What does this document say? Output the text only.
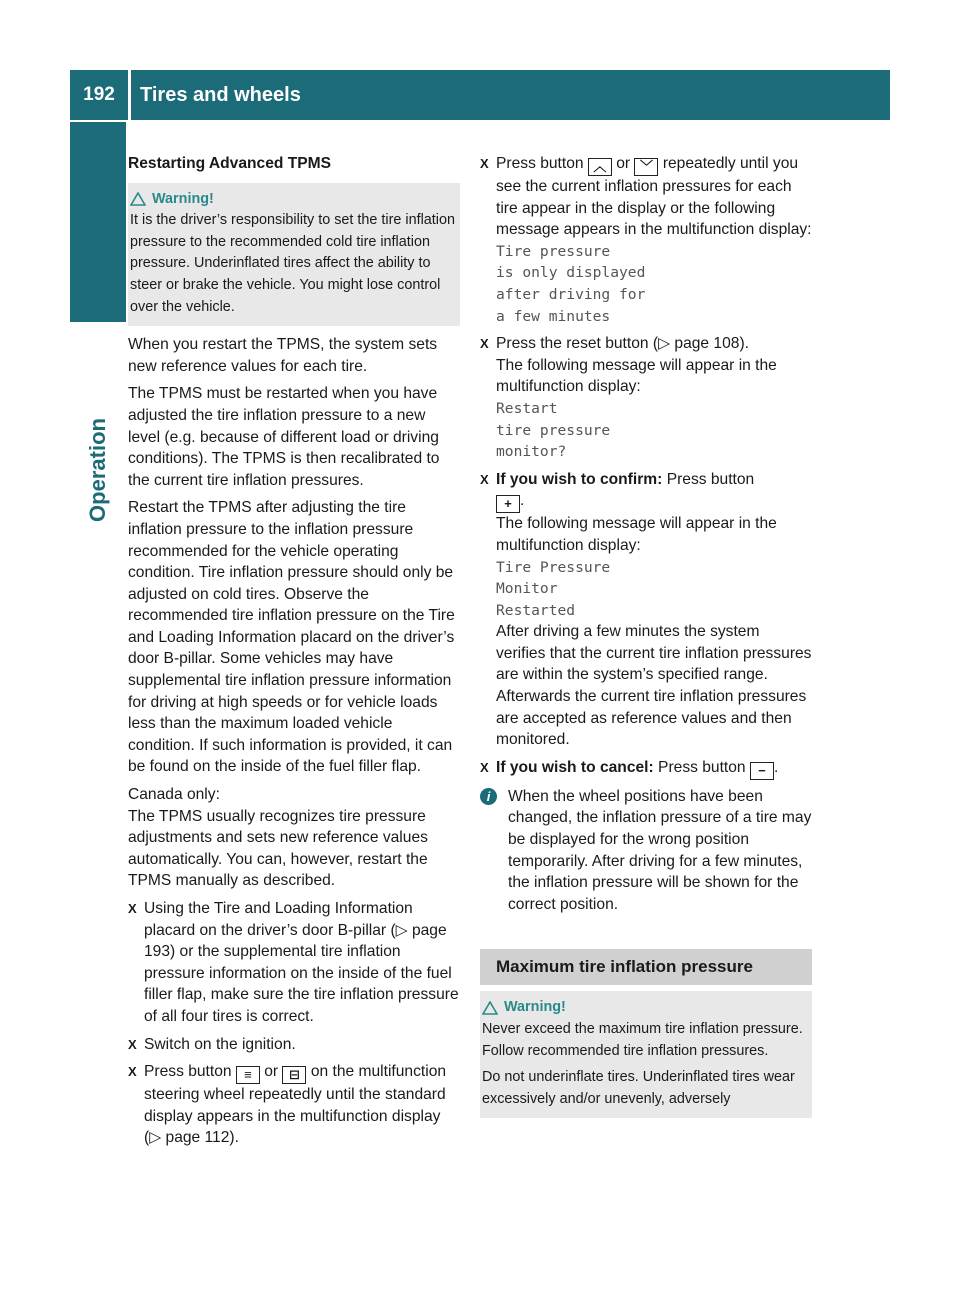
192	Tires and wheels
Operation

Restarting Advanced TPMS

Warning!

It is the driver’s responsibility to set the tire inflation pressure to the recommended cold tire inflation pressure. Underinflated tires affect the ability to steer or brake the vehicle. You might lose control over the vehicle.

When you restart the TPMS, the system sets new reference values for each tire.

The TPMS must be restarted when you have adjusted the tire inflation pressure to a new level (e.g. because of different load or driving conditions). The TPMS is then recalibrated to the current tire inflation pressures.

Restart the TPMS after adjusting the tire inflation pressure to the inflation pressure recommended for the vehicle operating condition. Tire inflation pressure should only be adjusted on cold tires. Observe the recommended tire inflation pressure on the Tire and Loading Information placard on the driver’s door B-pillar. Some vehicles may have supplemental tire inflation pressure information for driving at high speeds or for vehicle loads less than the maximum loaded vehicle condition. If such information is provided, it can be found on the inside of the fuel filler flap.

Canada only:

The TPMS usually recognizes tire pressure adjustments and sets new reference values automatically. You can, however, restart the TPMS manually as described.

X Using the Tire and Loading Information placard on the driver’s door B-pillar (▷ page 193) or the supplemental tire inflation pressure information on the inside of the fuel filler flap, make sure the tire inflation pressure of all four tires is correct.
X Switch on the ignition.
X Press button ≡ or ⊟ on the multifunction steering wheel repeatedly until the standard display appears in the multifunction display (▷ page 112).
X Press button ︿ or ﹀ repeatedly until you see the current inflation pressures for each tire appear in the display or the following message appears in the multifunction display:
Tire pressure
is only displayed
after driving for
a few minutes
X Press the reset button (▷ page 108).
The following message will appear in the multifunction display:
Restart
tire pressure
monitor?
X If you wish to confirm: Press button
+ .
The following message will appear in the multifunction display:
Tire Pressure
Monitor
Restarted
After driving a few minutes the system verifies that the current tire inflation pressures are within the system’s specified range. Afterwards the current tire inflation pressures are accepted as reference values and then monitored.
X If you wish to cancel: Press button − .
i	When the wheel positions have been changed, the inflation pressure of a tire may be displayed for the wrong position temporarily. After driving for a few minutes, the inflation pressure will be shown for the correct position.
Maximum tire inflation pressure
Warning!

Never exceed the maximum tire inflation pressure. Follow recommended tire inflation pressures.

Do not underinflate tires. Underinflated tires wear excessively and/or unevenly, adversely
